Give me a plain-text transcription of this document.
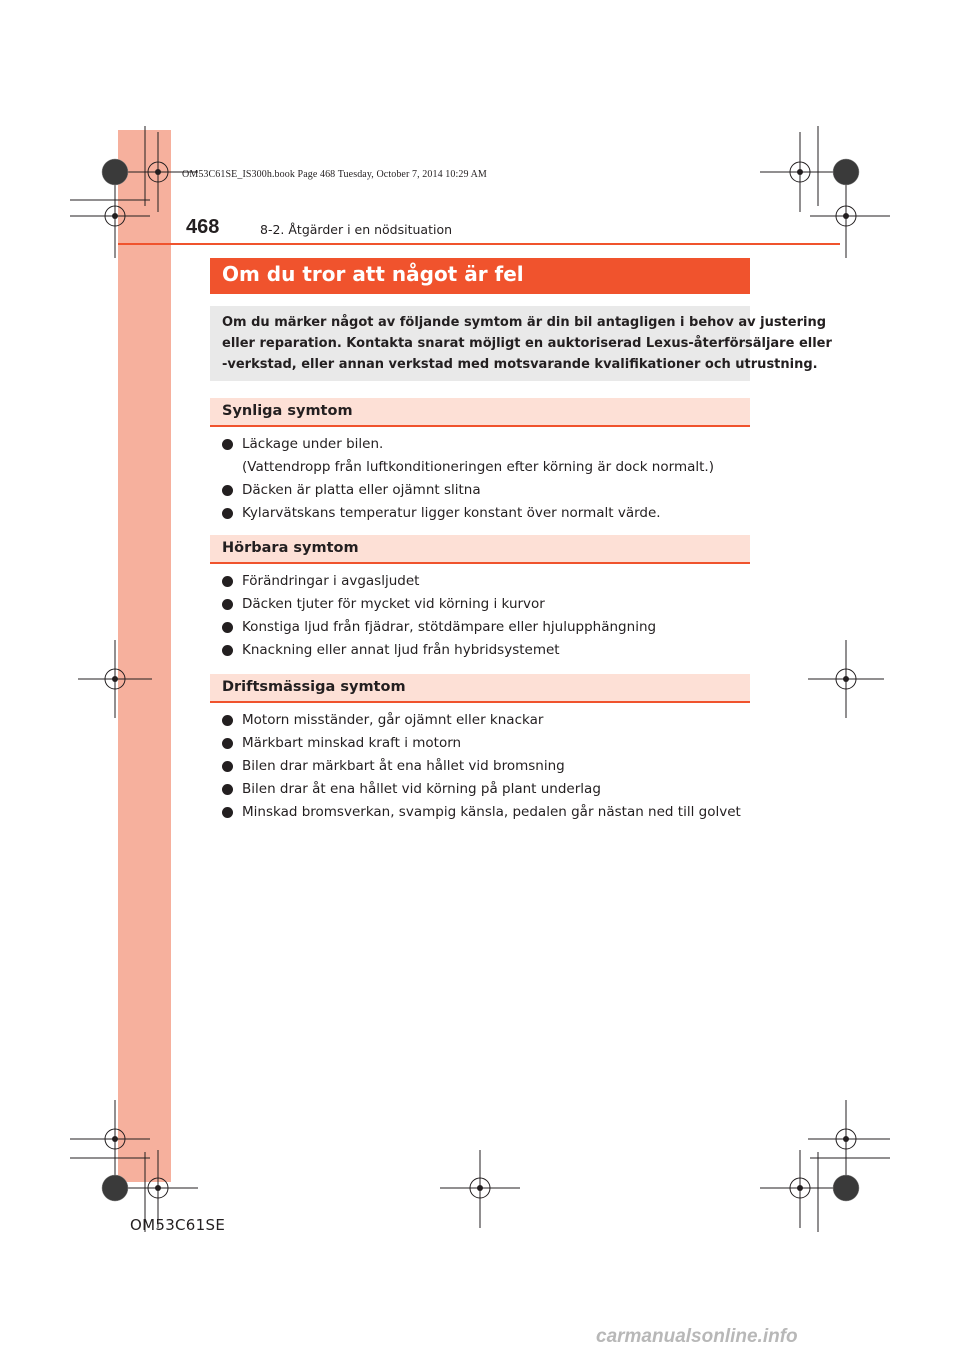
OM53C61SE_IS300h.book Page 468 Tuesday, October 7, 2014 10:29 AM
468	8-2. Åtgärder i en nödsituation
Om du tror att något är fel
Om du märker något av följande symtom är din bil antagligen i behov av justering
eller reparation. Kontakta snarat möjligt en auktoriserad Lexus-återförsäljare eller
-verkstad, eller annan verkstad med motsvarande kvalifikationer och utrustning.
Synliga symtom
Läckage under bilen.
(Vattendropp från luftkonditioneringen efter körning är dock normalt.)
Däcken är platta eller ojämnt slitna
Kylarvätskans temperatur ligger konstant över normalt värde.
Hörbara symtom
Förändringar i avgasljudet
Däcken tjuter för mycket vid körning i kurvor
Konstiga ljud från fjädrar, stötdämpare eller hjulupphängning
Knackning eller annat ljud från hybridsystemet
Driftsmässiga symtom
Motorn misständer, går ojämnt eller knackar
Märkbart minskad kraft i motorn
Bilen drar märkbart åt ena hållet vid bromsning
Bilen drar åt ena hållet vid körning på plant underlag
Minskad bromsverkan, svampig känsla, pedalen går nästan ned till golvet
OM53C61SE
carmanualsonline.info
